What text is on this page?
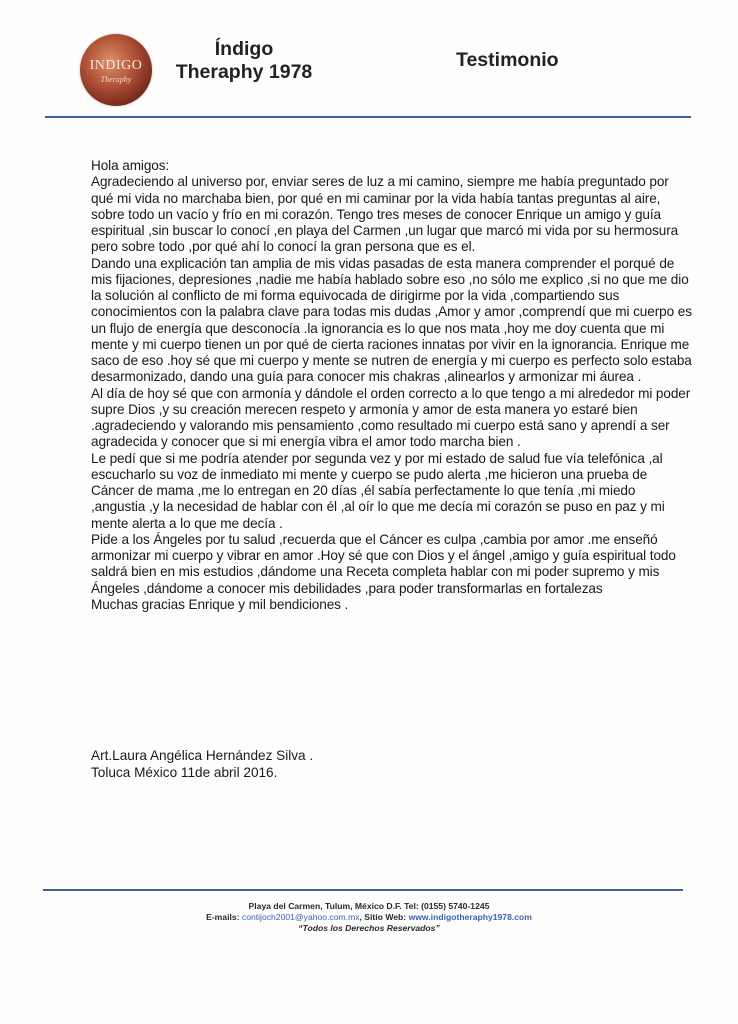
INDIGO
Theraphy
Índigo
Theraphy 1978
Testimonio

Hola amigos:

Agradeciendo al universo por, enviar seres de luz a mi camino, siempre me había preguntado por qué mi vida no marchaba bien, por qué en mi caminar por la vida había tantas preguntas al aire, sobre todo un vacío y frío en mi corazón. Tengo tres meses de conocer Enrique un amigo y guía espiritual ,sin buscar lo conocí ,en playa del Carmen ,un lugar que marcó mi vida por su hermosura pero sobre todo ,por qué ahí lo conocí la gran persona que es el.

Dando una explicación tan amplia de mis vidas pasadas de esta manera comprender el porqué de mis fijaciones, depresiones ,nadie me había hablado sobre eso ,no sólo me explico ,si no que me dio la solución al conflicto de mi forma equivocada de dirigirme por la vida ,compartiendo sus conocimientos con la palabra clave para todas mis dudas ,Amor y amor ,comprendí que mi cuerpo es un flujo de energía que desconocía .la ignorancia es lo que nos mata ,hoy me doy cuenta que mi mente y mi cuerpo tienen un por qué de cierta raciones innatas por vivir en la ignorancia. Enrique me saco de eso .hoy sé que mi cuerpo y mente se nutren de energía y mi cuerpo es perfecto solo estaba desarmonizado, dando una guía para conocer mis chakras ,alinearlos y armonizar mi áurea .

Al día de hoy sé que con armonía y dándole el orden correcto a lo que tengo a mi alrededor mi poder supre Dios ,y su creación merecen respeto y armonía y amor de esta manera yo estaré bien .agradeciendo y valorando mis pensamiento ,como resultado mi cuerpo está sano y aprendí a ser agradecida y conocer que si mi energía vibra el amor todo marcha bien .

Le pedí que si me podría atender por segunda vez y por mi estado de salud fue vía telefónica ,al escucharlo su voz de inmediato mi mente y cuerpo se pudo alerta ,me hicieron una prueba de Cáncer de mama ,me lo entregan en 20 días ,él sabía perfectamente lo que tenía ,mi miedo ,angustia ,y la necesidad de hablar con él ,al oír lo que me decía mi corazón se puso en paz y mi mente alerta a lo que me decía .

Pide a los Ángeles por tu salud ,recuerda que el Cáncer es culpa ,cambia por amor .me enseñó armonizar mi cuerpo y vibrar en amor .Hoy sé que con Dios y el ángel ,amigo y guía espiritual todo saldrá bien en mis estudios ,dándome una Receta completa hablar con mi poder supremo y mis Ángeles ,dándome a conocer mis debilidades ,para poder transformarlas en fortalezas

Muchas gracias Enrique y mil bendiciones .

Art.Laura Angélica Hernández Silva .

Toluca México 11de abril 2016.

Playa del Carmen, Tulum, México D.F. Tel: (0155) 5740-1245
E-mails: contijoch2001@yahoo.com.mx, Sitio Web: www.indigotheraphy1978.com
“Todos los Derechos Reservados”
